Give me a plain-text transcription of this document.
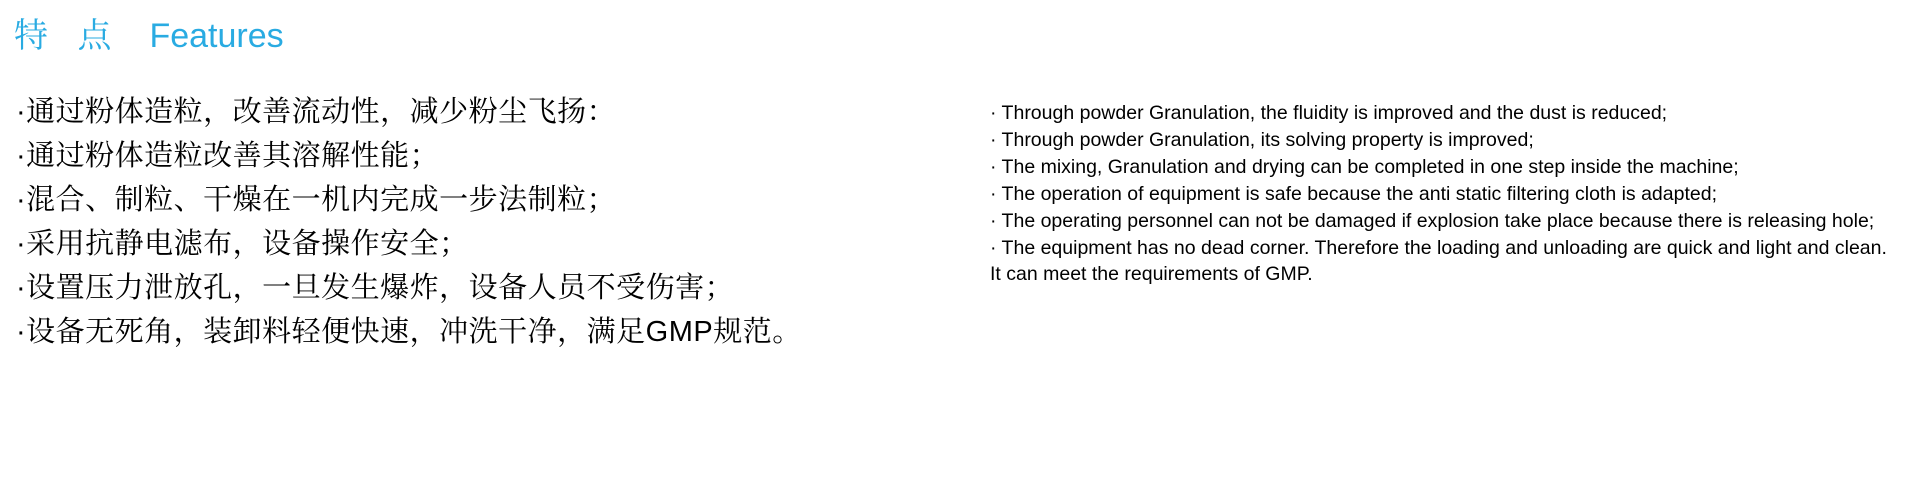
特 点 Features
·通过粉体造粒，改善流动性，减少粉尘飞扬：
·通过粉体造粒改善其溶解性能；
·混合、制粒、干燥在一机内完成一步法制粒；
·采用抗静电滤布，设备操作安全；
·设置压力泄放孔，一旦发生爆炸，设备人员不受伤害；
·设备无死角，装卸料轻便快速，冲洗干净，满足GMP规范。
· Through powder Granulation, the fluidity is improved and the dust is reduced;
· Through powder Granulation, its solving property is improved;
· The mixing, Granulation and drying can be completed in one step inside the machine;
· The operation of equipment is safe because the anti static filtering cloth is adapted;
· The operating personnel can not be damaged if explosion take place because there is releasing hole;
· The equipment has no dead corner. Therefore the loading and unloading are quick and light and clean. It can meet the requirements of GMP.
